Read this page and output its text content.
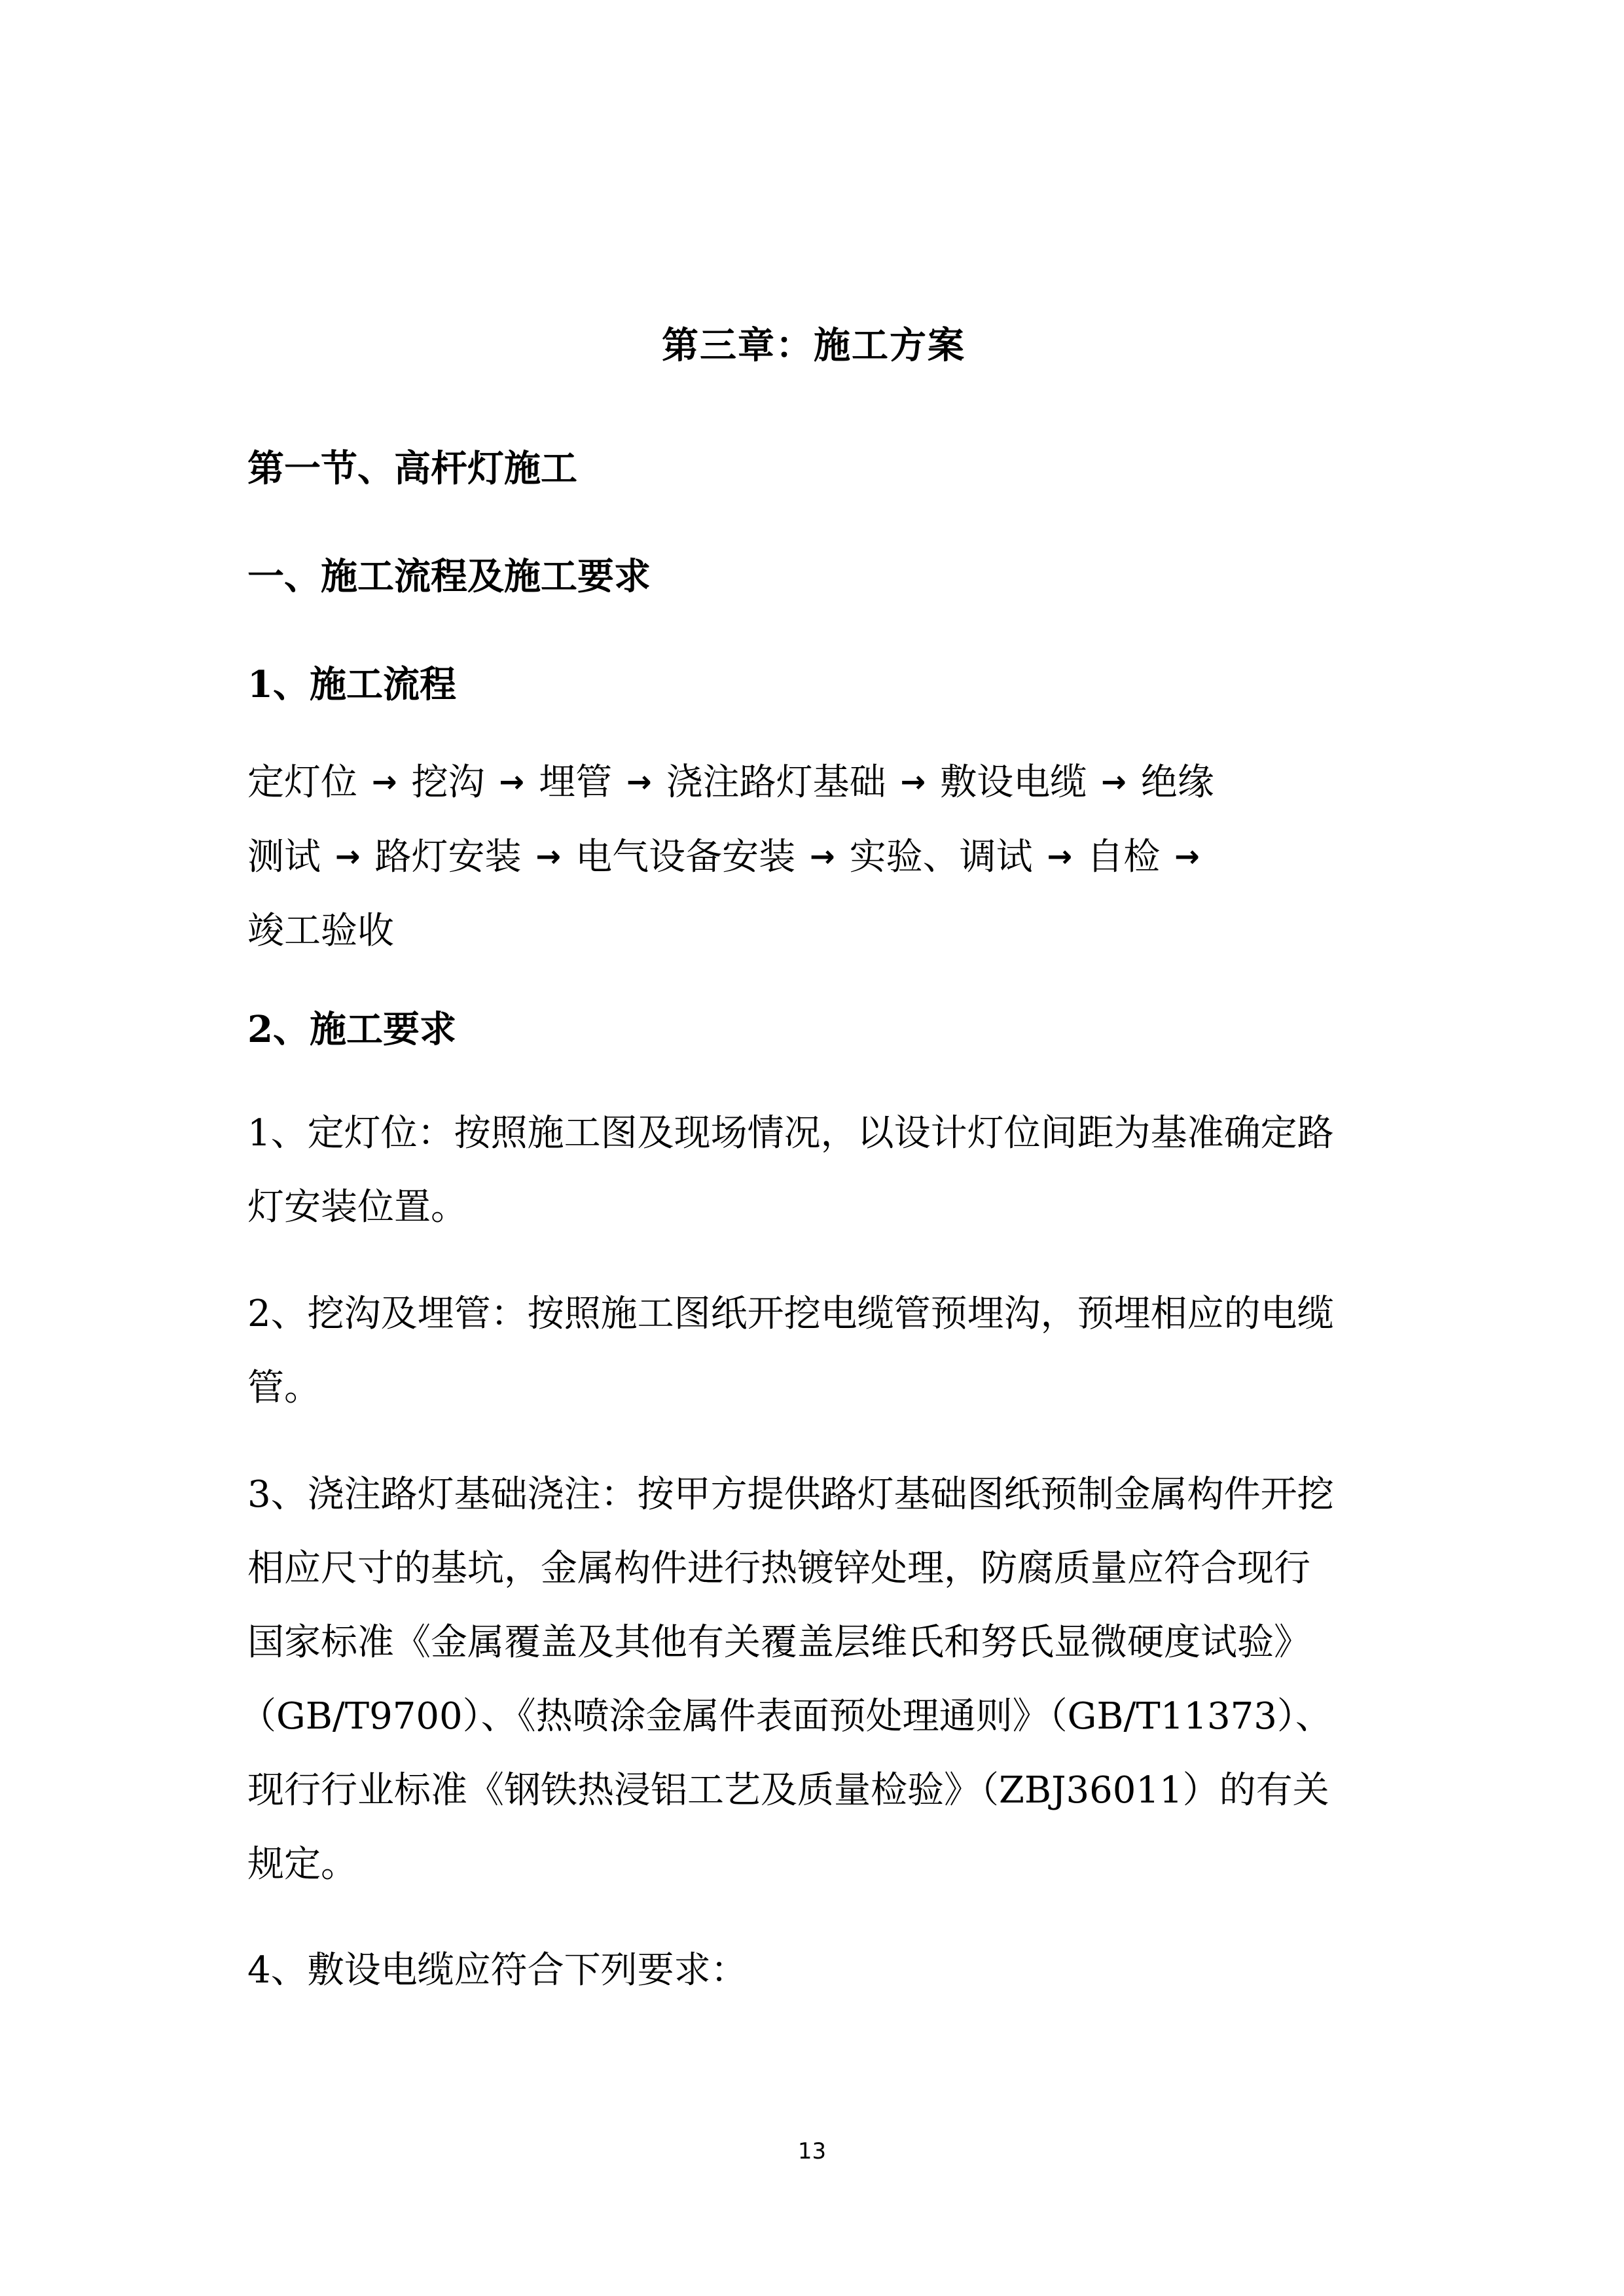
第三章：施工方案
第一节、高杆灯施工
一、施工流程及施工要求
1、施工流程
定灯位 → 挖沟 → 埋管 → 浇注路灯基础 → 敷设电缆 → 绝缘
测试 → 路灯安装 → 电气设备安装 → 实验、调试 → 自检 →
竣工验收
2、施工要求
1、定灯位：按照施工图及现场情况，以设计灯位间距为基准确定路
灯安装位置。
2、挖沟及埋管：按照施工图纸开挖电缆管预埋沟，预埋相应的电缆
管。
3、浇注路灯基础浇注：按甲方提供路灯基础图纸预制金属构件开挖
相应尺寸的基坑，金属构件进行热镀锌处理，防腐质量应符合现行
国家标准《金属覆盖及其他有关覆盖层维氏和努氏显微硬度试验》
（GB/T9700）、《热喷涂金属件表面预处理通则》（GB/T11373）、
现行行业标准《钢铁热浸铝工艺及质量检验》（ZBJ36011）的有关
规定。
4、敷设电缆应符合下列要求：
13
